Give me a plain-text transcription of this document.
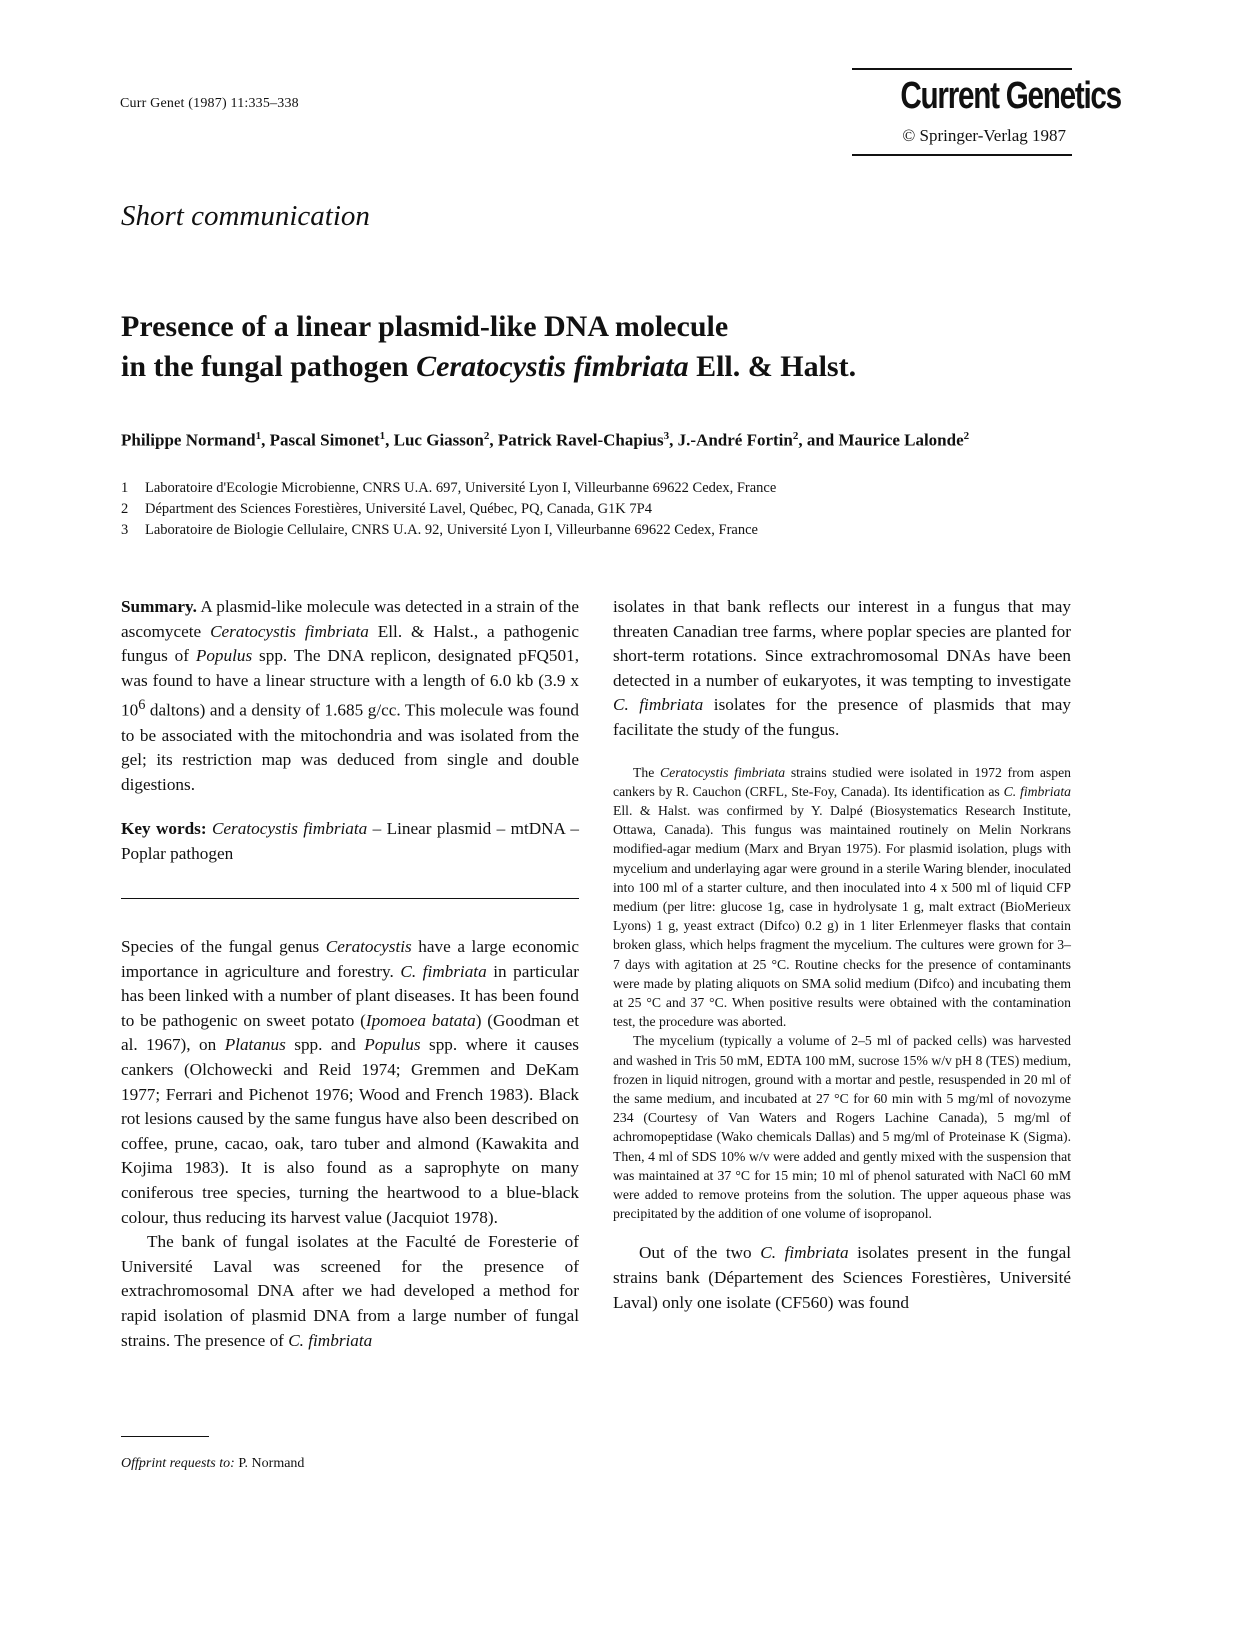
Curr Genet (1987) 11:335–338	Current Genetics
© Springer-Verlag 1987
Short communication
Presence of a linear plasmid-like DNA molecule
in the fungal pathogen Ceratocystis fimbriata Ell. & Halst.
Philippe Normand$^1$, Pascal Simonet$^1$, Luc Giasson$^2$, Patrick Ravel-Chapius$^3$, J.-André Fortin$^2$, and Maurice Lalonde$^2$
1	Laboratoire d'Ecologie Microbienne, CNRS U.A. 697, Université Lyon I, Villeurbanne 69622 Cedex, France
2	Départment des Sciences Forestières, Université Lavel, Québec, PQ, Canada, G1K 7P4
3	Laboratoire de Biologie Cellulaire, CNRS U.A. 92, Université Lyon I, Villeurbanne 69622 Cedex, France

Summary. A plasmid-like molecule was detected in a strain of the ascomycete Ceratocystis fimbriata Ell. & Halst., a pathogenic fungus of Populus spp. The DNA replicon, designated pFQ501, was found to have a linear structure with a length of 6.0 kb (3.9 x $10^6$ daltons) and a density of 1.685 g/cc. This molecule was found to be associated with the mitochondria and was isolated from the gel; its restriction map was deduced from single and double digestions.

Key words: Ceratocystis fimbriata – Linear plasmid – mtDNA – Poplar pathogen

Species of the fungal genus Ceratocystis have a large economic importance in agriculture and forestry. C. fimbriata in particular has been linked with a number of plant diseases. It has been found to be pathogenic on sweet potato (Ipomoea batata) (Goodman et al. 1967), on Platanus spp. and Populus spp. where it causes cankers (Olchowecki and Reid 1974; Gremmen and DeKam 1977; Ferrari and Pichenot 1976; Wood and French 1983). Black rot lesions caused by the same fungus have also been described on coffee, prune, cacao, oak, taro tuber and almond (Kawakita and Kojima 1983). It is also found as a saprophyte on many coniferous tree species, turning the heartwood to a blue-black colour, thus reducing its harvest value (Jacquiot 1978).

The bank of fungal isolates at the Faculté de Foresterie of Université Laval was screened for the presence of extrachromosomal DNA after we had developed a method for rapid isolation of plasmid DNA from a large number of fungal strains. The presence of C. fimbriata

Offprint requests to: P. Normand

isolates in that bank reflects our interest in a fungus that may threaten Canadian tree farms, where poplar species are planted for short-term rotations. Since extrachromosomal DNAs have been detected in a number of eukaryotes, it was tempting to investigate C. fimbriata isolates for the presence of plasmids that may facilitate the study of the fungus.

The Ceratocystis fimbriata strains studied were isolated in 1972 from aspen cankers by R. Cauchon (CRFL, Ste-Foy, Canada). Its identification as C. fimbriata Ell. & Halst. was confirmed by Y. Dalpé (Biosystematics Research Institute, Ottawa, Canada). This fungus was maintained routinely on Melin Norkrans modified-agar medium (Marx and Bryan 1975). For plasmid isolation, plugs with mycelium and underlaying agar were ground in a sterile Waring blender, inoculated into 100 ml of a starter culture, and then inoculated into 4 x 500 ml of liquid CFP medium (per litre: glucose 1g, case in hydrolysate 1 g, malt extract (BioMerieux Lyons) 1 g, yeast extract (Difco) 0.2 g) in 1 liter Erlenmeyer flasks that contain broken glass, which helps fragment the mycelium. The cultures were grown for 3–7 days with agitation at 25 °C. Routine checks for the presence of contaminants were made by plating aliquots on SMA solid medium (Difco) and incubating them at 25 °C and 37 °C. When positive results were obtained with the contamination test, the procedure was aborted.

The mycelium (typically a volume of 2–5 ml of packed cells) was harvested and washed in Tris 50 mM, EDTA 100 mM, sucrose 15% w/v pH 8 (TES) medium, frozen in liquid nitrogen, ground with a mortar and pestle, resuspended in 20 ml of the same medium, and incubated at 27 °C for 60 min with 5 mg/ml of novozyme 234 (Courtesy of Van Waters and Rogers Lachine Canada), 5 mg/ml of achromopeptidase (Wako chemicals Dallas) and 5 mg/ml of Proteinase K (Sigma). Then, 4 ml of SDS 10% w/v were added and gently mixed with the suspension that was maintained at 37 °C for 15 min; 10 ml of phenol saturated with NaCl 60 mM were added to remove proteins from the solution. The upper aqueous phase was precipitated by the addition of one volume of isopropanol.

Out of the two C. fimbriata isolates present in the fungal strains bank (Département des Sciences Forestières, Université Laval) only one isolate (CF560) was found
